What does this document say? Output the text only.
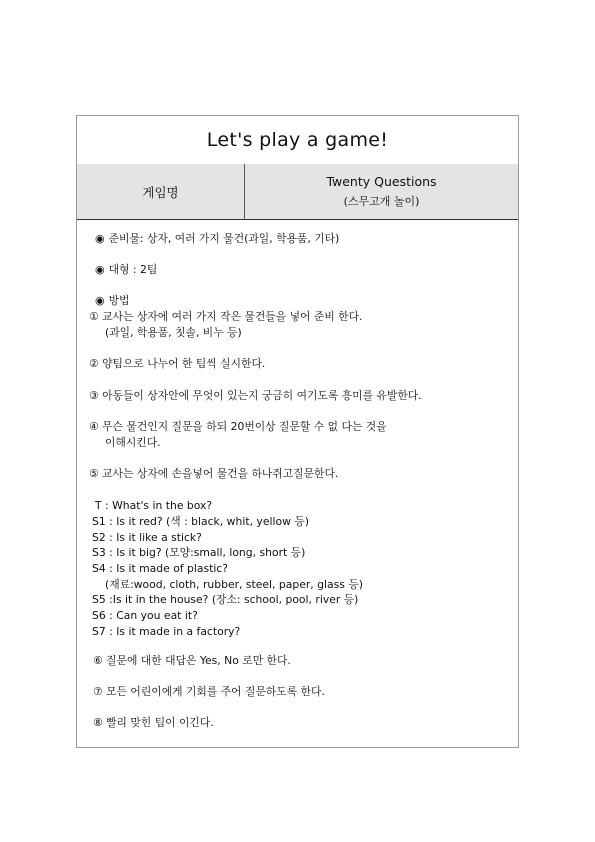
Let's play a game!
게임명
Twenty Questions
(스무고개 놀이)
◉ 준비물: 상자, 여러 가지 물건(과일, 학용품, 기타)
◉ 대형 : 2팀
◉ 방법
① 교사는 상자에 여러 가지 작은 물건들을 넣어 준비 한다.
(과일, 학용품, 칫솔, 비누 등)
② 양팀으로 나누어 한 팀씩 실시한다.
③ 아동들이 상자안에 무엇이 있는지 궁금히 여기도록 흥미를 유발한다.
④ 무슨 물건인지 질문을 하되 20번이상 질문할 수 없 다는 것을
이해시킨다.
⑤ 교사는 상자에 손을넣어 물건을 하나쥐고질문한다.
T : What's in the box?
S1 : Is it red? (색 : black, whit, yellow 등)
S2 : Is it like a stick?
S3 : Is it big? (모양:small, long, short 등)
S4 : Is it made of plastic?
(재료:wood, cloth, rubber, steel, paper, glass 등)
S5 :Is it in the house? (장소: school, pool, river 등)
S6 : Can you eat it?
S7 : Is it made in a factory?
⑥ 질문에 대한 대답은 Yes, No 로만 한다.
⑦ 모든 어린이에게 기회를 주어 질문하도록 한다.
⑧ 빨리 맞힌 팀이 이긴다.
